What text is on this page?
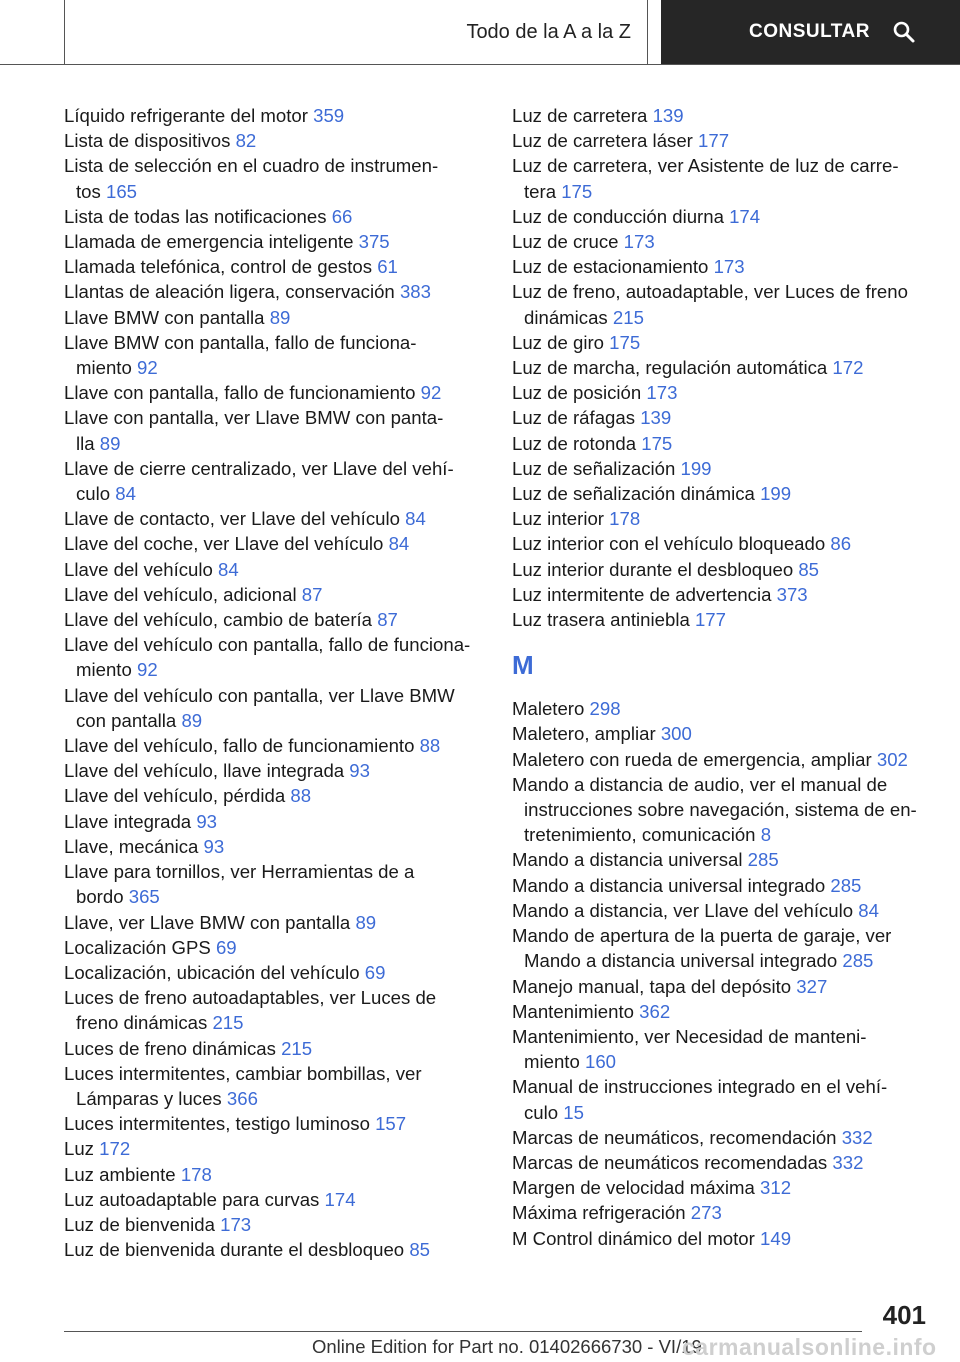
Todo de la A a la Z	CONSULTAR
Líquido refrigerante del motor 359
Lista de dispositivos 82
Lista de selección en el cuadro de instrumen-
tos 165
Lista de todas las notificaciones 66
Llamada de emergencia inteligente 375
Llamada telefónica, control de gestos 61
Llantas de aleación ligera, conservación 383
Llave BMW con pantalla 89
Llave BMW con pantalla, fallo de funciona-
miento 92
Llave con pantalla, fallo de funcionamiento 92
Llave con pantalla, ver Llave BMW con panta-
lla 89
Llave de cierre centralizado, ver Llave del vehí-
culo 84
Llave de contacto, ver Llave del vehículo 84
Llave del coche, ver Llave del vehículo 84
Llave del vehículo 84
Llave del vehículo, adicional 87
Llave del vehículo, cambio de batería 87
Llave del vehículo con pantalla, fallo de funciona-
miento 92
Llave del vehículo con pantalla, ver Llave BMW
con pantalla 89
Llave del vehículo, fallo de funcionamiento 88
Llave del vehículo, llave integrada 93
Llave del vehículo, pérdida 88
Llave integrada 93
Llave, mecánica 93
Llave para tornillos, ver Herramientas de a
bordo 365
Llave, ver Llave BMW con pantalla 89
Localización GPS 69
Localización, ubicación del vehículo 69
Luces de freno autoadaptables, ver Luces de
freno dinámicas 215
Luces de freno dinámicas 215
Luces intermitentes, cambiar bombillas, ver
Lámparas y luces 366
Luces intermitentes, testigo luminoso 157
Luz 172
Luz ambiente 178
Luz autoadaptable para curvas 174
Luz de bienvenida 173
Luz de bienvenida durante el desbloqueo 85
Luz de carretera 139
Luz de carretera láser 177
Luz de carretera, ver Asistente de luz de carre-
tera 175
Luz de conducción diurna 174
Luz de cruce 173
Luz de estacionamiento 173
Luz de freno, autoadaptable, ver Luces de freno
dinámicas 215
Luz de giro 175
Luz de marcha, regulación automática 172
Luz de posición 173
Luz de ráfagas 139
Luz de rotonda 175
Luz de señalización 199
Luz de señalización dinámica 199
Luz interior 178
Luz interior con el vehículo bloqueado 86
Luz interior durante el desbloqueo 85
Luz intermitente de advertencia 373
Luz trasera antiniebla 177
M
Maletero 298
Maletero, ampliar 300
Maletero con rueda de emergencia, ampliar 302
Mando a distancia de audio, ver el manual de
instrucciones sobre navegación, sistema de en-
tretenimiento, comunicación 8
Mando a distancia universal 285
Mando a distancia universal integrado 285
Mando a distancia, ver Llave del vehículo 84
Mando de apertura de la puerta de garaje, ver
Mando a distancia universal integrado 285
Manejo manual, tapa del depósito 327
Mantenimiento 362
Mantenimiento, ver Necesidad de manteni-
miento 160
Manual de instrucciones integrado en el vehí-
culo 15
Marcas de neumáticos, recomendación 332
Marcas de neumáticos recomendadas 332
Margen de velocidad máxima 312
Máxima refrigeración 273
M Control dinámico del motor 149
401
Online Edition for Part no. 01402666730 - VI/19
carmanualsonline.info
